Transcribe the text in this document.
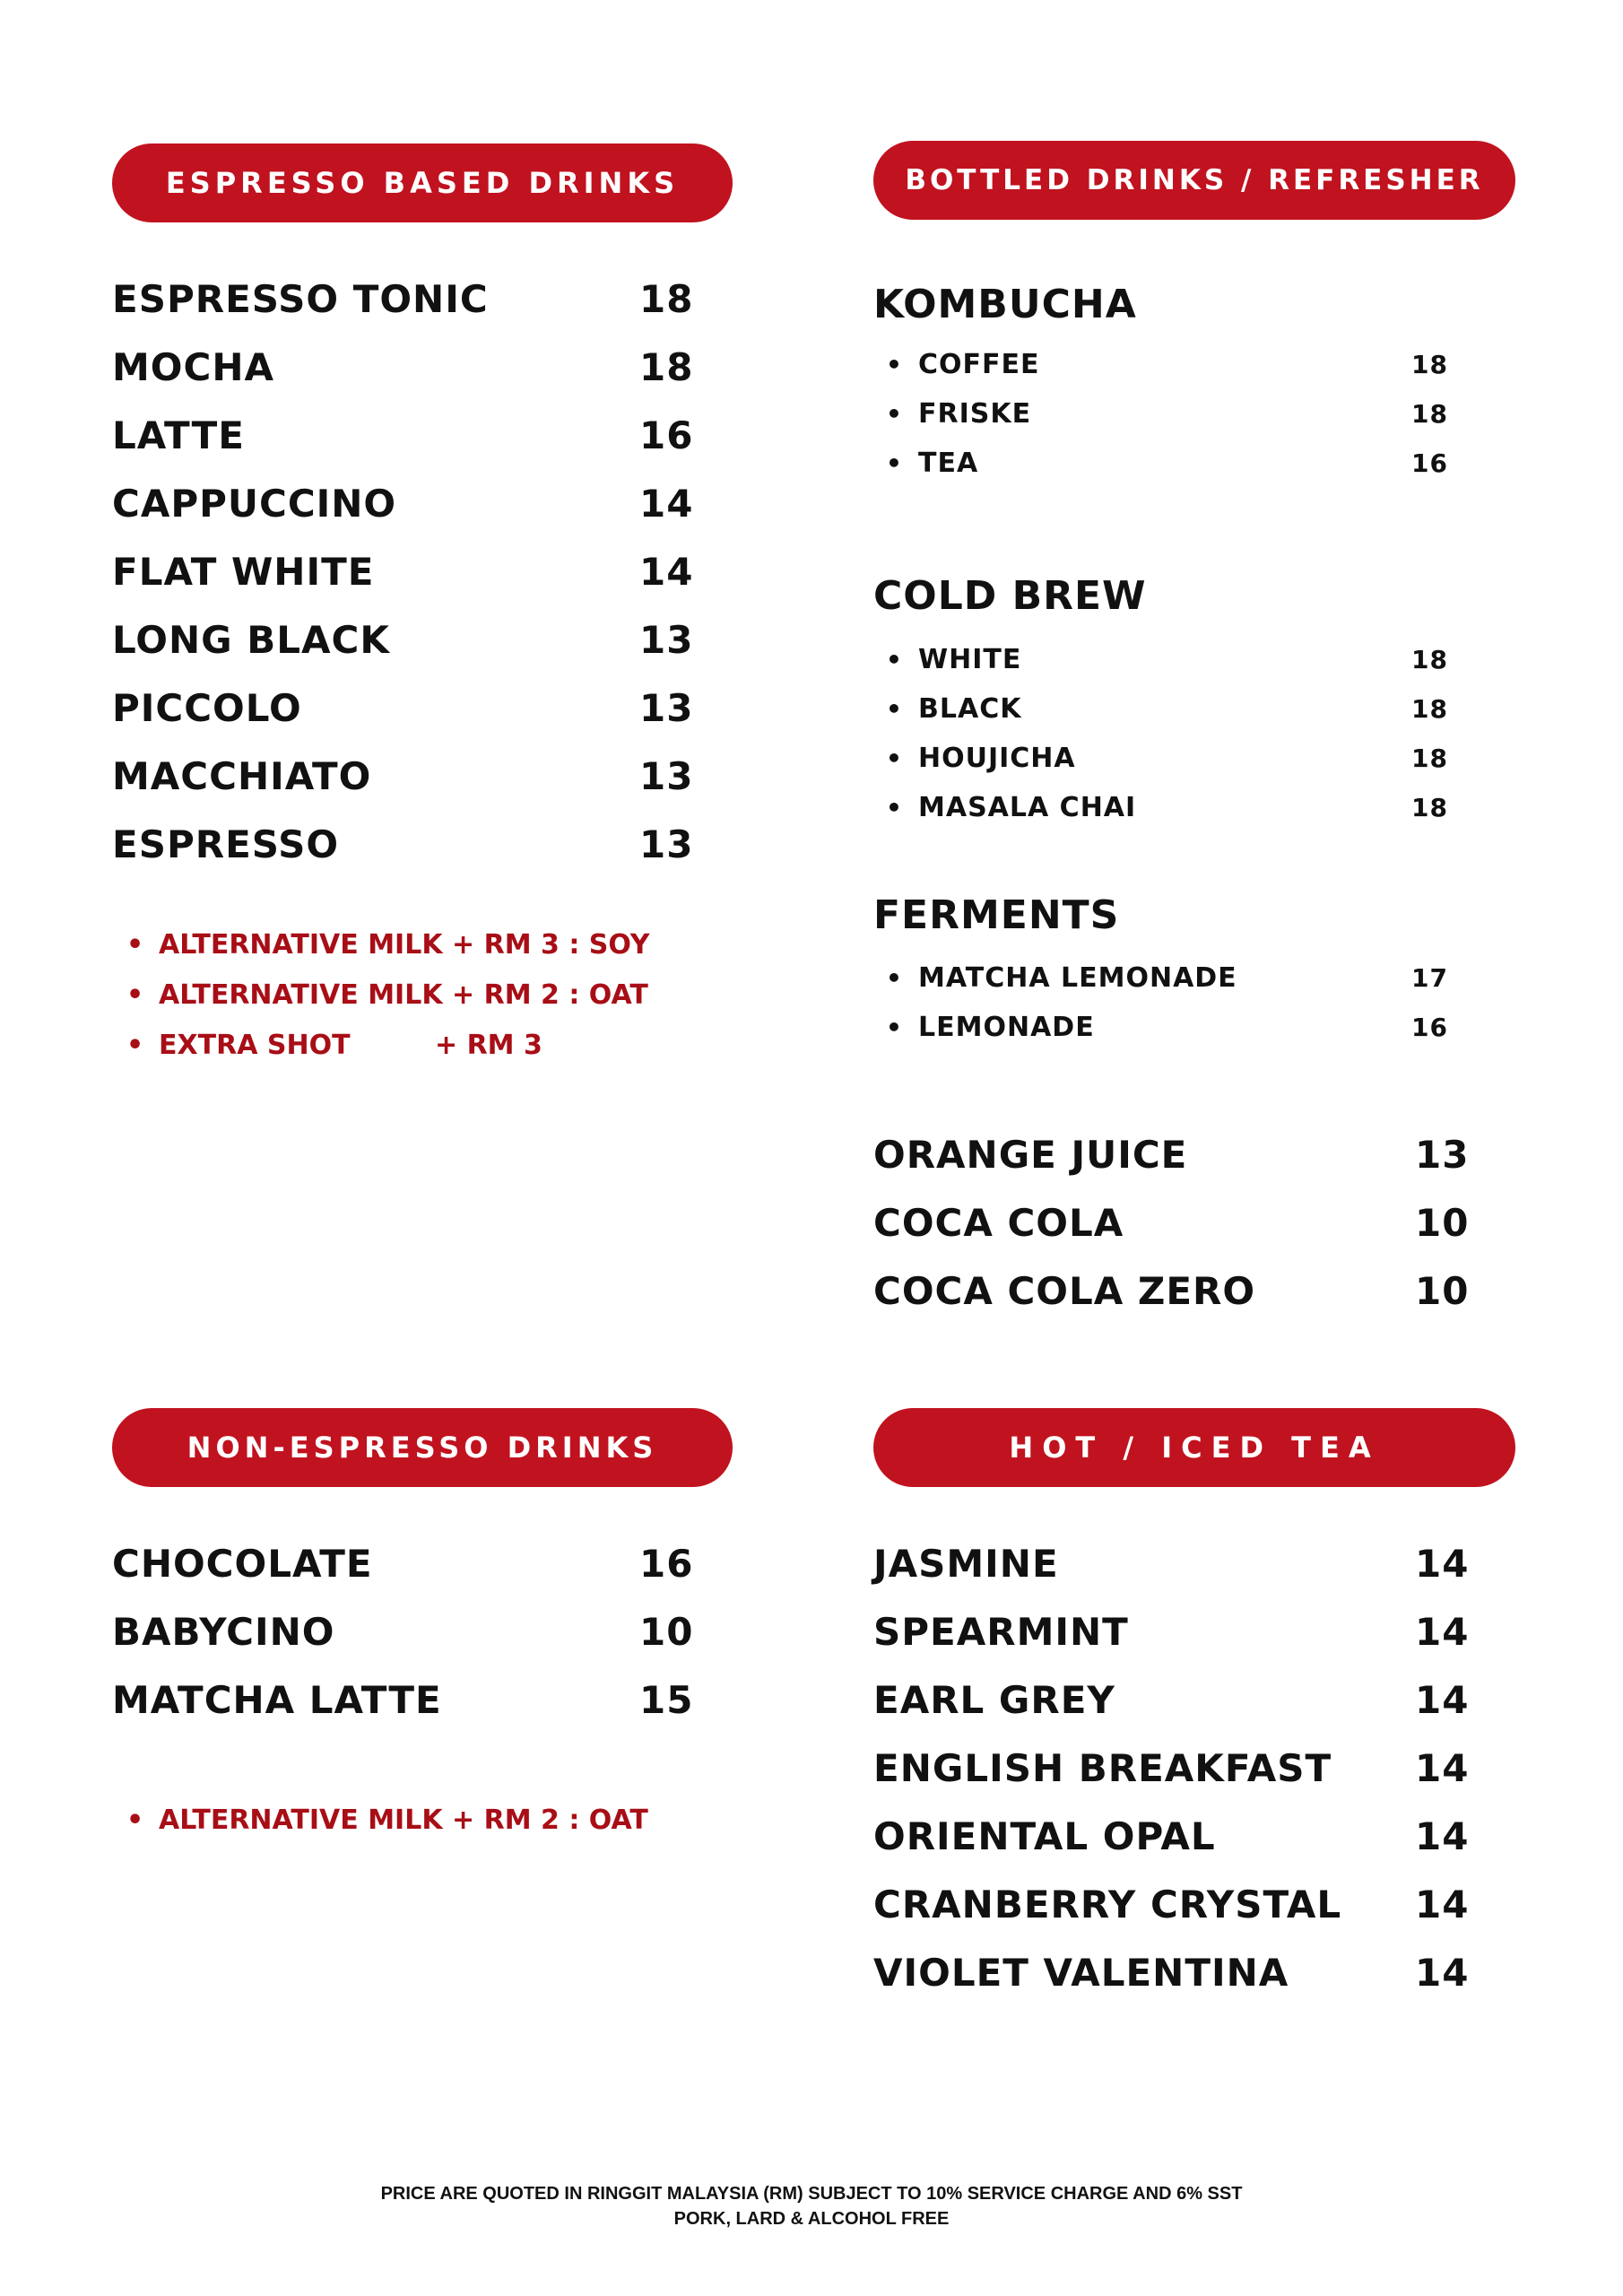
ESPRESSO BASED DRINKS
ESPRESSO TONIC	18
MOCHA	18
LATTE	16
CAPPUCCINO	14
FLAT WHITE	14
LONG BLACK	13
PICCOLO	13
MACCHIATO	13
ESPRESSO	13
• ALTERNATIVE MILK + RM 3 : SOY
• ALTERNATIVE MILK + RM 2 : OAT
• EXTRA SHOT	+ RM 3
BOTTLED DRINKS / REFRESHER
KOMBUCHA
• COFFEE	18
• FRISKE	18
• TEA	16
COLD BREW
• WHITE	18
• BLACK	18
• HOUJICHA	18
• MASALA CHAI	18
FERMENTS
• MATCHA LEMONADE	17
• LEMONADE	16
ORANGE JUICE	13
COCA COLA	10
COCA COLA ZERO	10
NON-ESPRESSO DRINKS
CHOCOLATE	16
BABYCINO	10
MATCHA LATTE	15
• ALTERNATIVE MILK + RM 2 : OAT
HOT / ICED TEA
JASMINE	14
SPEARMINT	14
EARL GREY	14
ENGLISH BREAKFAST 14
ORIENTAL OPAL	14
CRANBERRY CRYSTAL 14
VIOLET VALENTINA	14
PRICE ARE QUOTED IN RINGGIT MALAYSIA (RM) SUBJECT TO 10% SERVICE CHARGE AND 6% SST
PORK, LARD & ALCOHOL FREE
